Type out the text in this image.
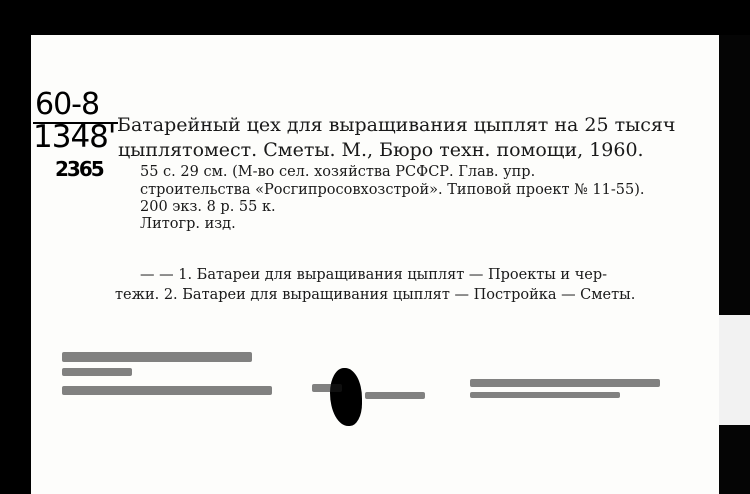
60-8
1348'
2365
Батарейный цех для выращивания цыплят на 25 тысяч
цыплятомест. Сметы. М., Бюро техн. помощи, 1960.
55 с. 29 см. (М-во сел. хозяйства РСФСР. Глав. упр.
строительства «Росгипросовхозстрой». Типовой проект № 11-55).
200 экз. 8 р. 55 к.
Литогр. изд.
— — 1. Батареи для выращивания цыплят — Проекты и чер-
тежи. 2. Батареи для выращивания цыплят — Постройка — Сметы.
